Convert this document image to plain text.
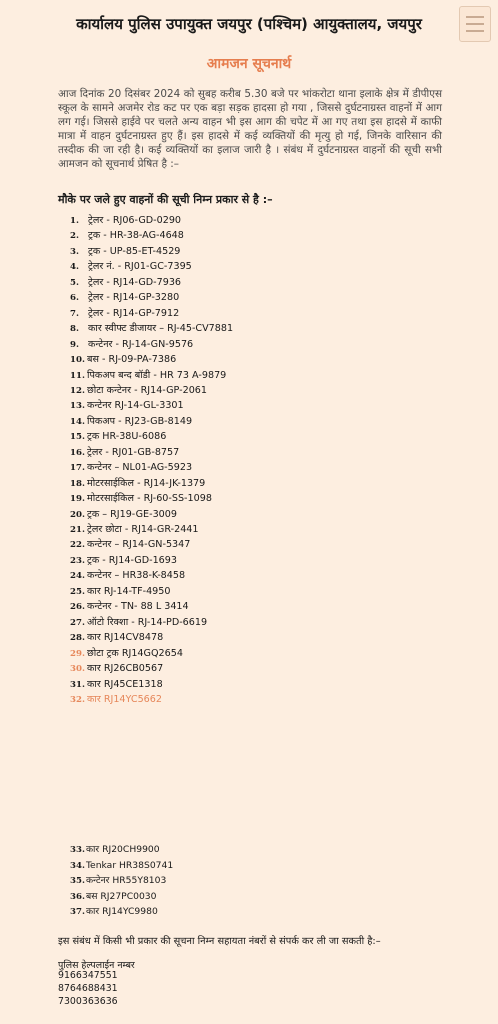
कार्यालय पुलिस उपायुक्त जयपुर (पश्चिम) आयुक्तालय, जयपुर
आमजन सूचनार्थ

आज दिनांक 20 दिसंबर 2024 को सुबह करीब 5.30 बजे पर भांकरोटा थाना इलाके क्षेत्र में डीपीएस स्कूल के सामने अजमेर रोड कट पर एक बड़ा सड़क हादसा हो गया , जिससे दुर्घटनाग्रस्त वाहनों में आग लग गई। जिससे हाईवे पर चलते अन्य वाहन भी इस आग की चपेट में आ गए तथा इस हादसे में काफी मात्रा में वाहन दुर्घटनाग्रस्त हुए हैं। इस हादसे में कई व्यक्तियों की मृत्यु हो गई, जिनके वारिसान की तस्दीक की जा रही है। कई व्यक्तियों का इलाज जारी है । संबंध में दुर्घटनाग्रस्त वाहनों की सूची सभी आमजन को सूचनार्थ प्रेषित है :–

मौके पर जले हुए वाहनों की सूची निम्न प्रकार से है :–

1. ट्रेलर - RJ06-GD-0290
2. ट्रक - HR-38-AG-4648
3. ट्रक - UP-85-ET-4529
4. ट्रेलर नं. - RJ01-GC-7395
5. ट्रेलर - RJ14-GD-7936
6. ट्रेलर - RJ14-GP-3280
7. ट्रेलर - RJ14-GP-7912
8. कार स्वीफ्ट डीजायर – RJ-45-CV7881
9. कन्टेनर - RJ-14-GN-9576
10. बस - RJ-09-PA-7386
11. पिकअप बन्द बॉडी - HR 73 A-9879
12. छोटा कन्टेनर - RJ14-GP-2061
13. कन्टेनर RJ-14-GL-3301
14. पिकअप - RJ23-GB-8149
15. ट्रक HR-38U-6086
16. ट्रेलर - RJ01-GB-8757
17. कन्टेनर – NL01-AG-5923
18. मोटरसाईकिल - RJ14-JK-1379
19. मोटरसाईकिल - RJ-60-SS-1098
20. ट्रक – RJ19-GE-3009
21. ट्रेलर छोटा - RJ14-GR-2441
22. कन्टेनर – RJ14-GN-5347
23. ट्रक - RJ14-GD-1693
24. कन्टेनर – HR38-K-8458
25. कार RJ-14-TF-4950
26. कन्टेनर - TN- 88 L 3414
27. ऑटो रिक्शा - RJ-14-PD-6619
28. कार RJ14CV8478
29. छोटा ट्रक RJ14GQ2654
30. कार RJ26CB0567
31. कार RJ45CE1318
32. कार RJ14YC5662
33.कार RJ20CH9900
34.Tenkar HR38S0741
35.कन्टेनर HR55Y8103
36.बस RJ27PC0030
37.कार RJ14YC9980

इस संबंध में किसी भी प्रकार की सूचना निम्न सहायता नंबरों से संपर्क कर ली जा सकती है:–

पुलिस हेल्पलाईन नम्बर

9166347551

8764688431

7300363636
